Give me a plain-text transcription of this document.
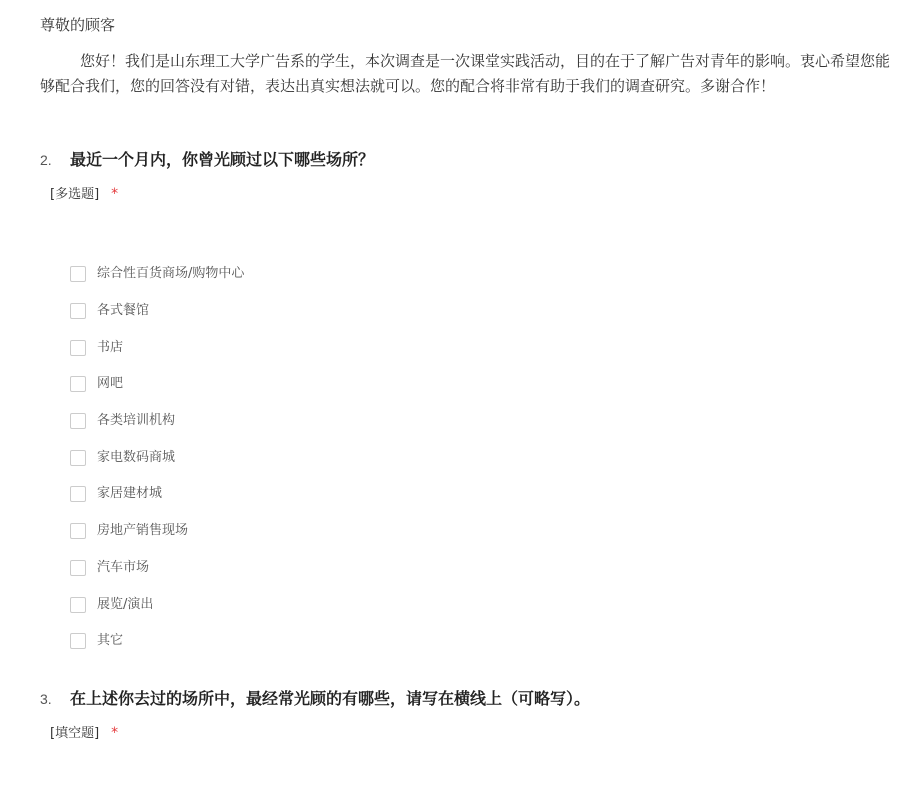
尊敬的顾客
您好！我们是山东理工大学广告系的学生，本次调查是一次课堂实践活动，目的在于了解广告对青年的影响。衷心希望您能够配合我们，您的回答没有对错，表达出真实想法就可以。您的配合将非常有助于我们的调查研究。多谢合作！
2.	最近一个月内，你曾光顾过以下哪些场所？
[多选题] *
综合性百货商场/购物中心
各式餐馆
书店
网吧
各类培训机构
家电数码商城
家居建材城
房地产销售现场
汽车市场
展览/演出
其它
3.	在上述你去过的场所中，最经常光顾的有哪些，请写在横线上（可略写）。
[填空题] *
